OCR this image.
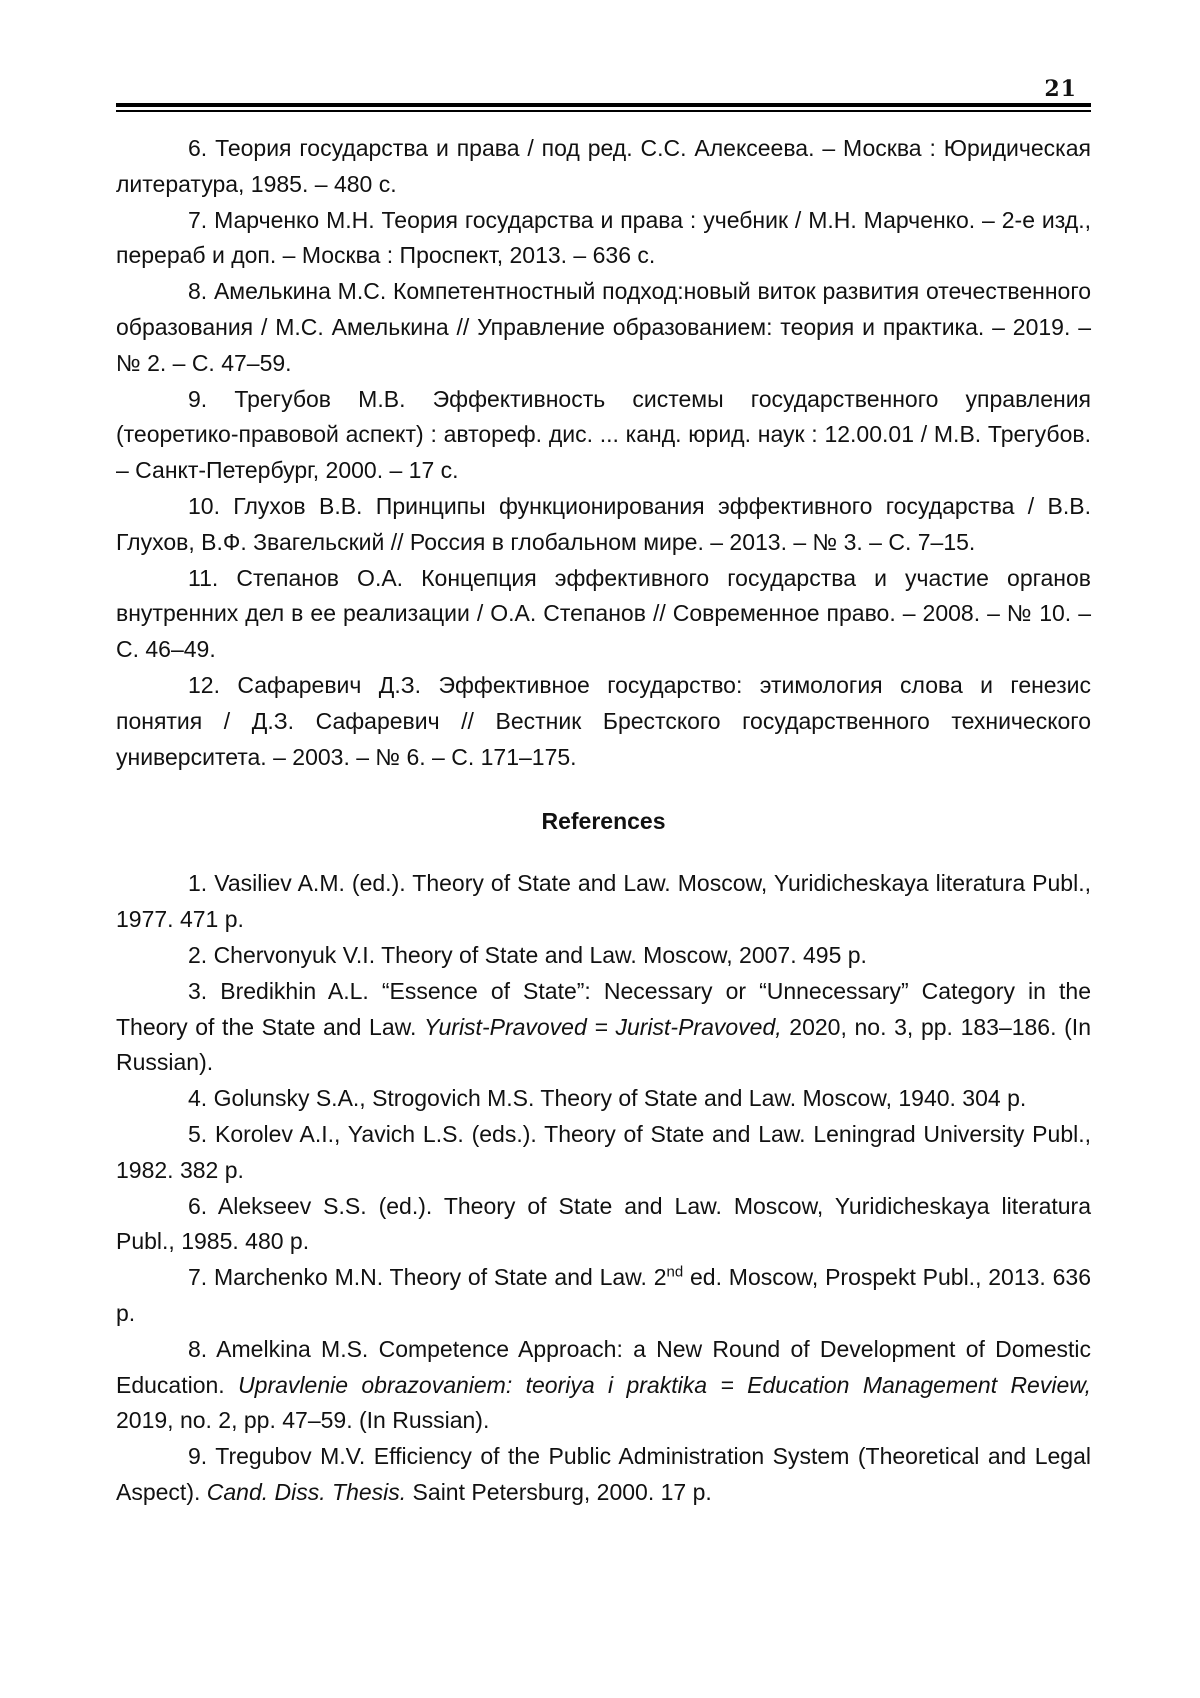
21

6. Теория государства и права / под ред. С.С. Алексеева. – Москва : Юридическая литература, 1985. – 480 с.

7. Марченко М.Н. Теория государства и права : учебник / М.Н. Марченко. – 2-е изд., перераб и доп. – Москва : Проспект, 2013. – 636 с.

8. Амелькина М.С. Компетентностный подход:новый виток развития отечественного образования / М.С. Амелькина // Управление образованием: теория и практика. – 2019. – № 2. – С. 47–59.

9. Трегубов М.В. Эффективность системы государственного управления (теоретико-правовой аспект) : автореф. дис. ... канд. юрид. наук : 12.00.01 / М.В. Трегубов. – Санкт-Петербург, 2000. – 17 с.

10. Глухов В.В. Принципы функционирования эффективного государства / В.В. Глухов, В.Ф. Звагельский // Россия в глобальном мире. – 2013. – № 3. – С. 7–15.

11. Степанов О.А. Концепция эффективного государства и участие органов внутренних дел в ее реализации / О.А. Степанов // Современное право. – 2008. – № 10. – С. 46–49.

12. Сафаревич Д.З. Эффективное государство: этимология слова и генезис понятия / Д.З. Сафаревич // Вестник Брестского государственного технического университета. – 2003. – № 6. – С. 171–175.

References

1. Vasiliev A.M. (ed.). Theory of State and Law. Moscow, Yuridicheskaya literatura Publ., 1977. 471 p.

2. Chervonyuk V.I. Theory of State and Law. Moscow, 2007. 495 p.

3. Bredikhin A.L. “Essence of State”: Necessary or “Unnecessary” Category in the Theory of the State and Law. Yurist-Pravoved = Jurist-Pravoved, 2020, no. 3, pp. 183–186. (In Russian).

4. Golunsky S.A., Strogovich M.S. Theory of State and Law. Moscow, 1940. 304 p.

5. Korolev A.I., Yavich L.S. (eds.). Theory of State and Law. Leningrad University Publ., 1982. 382 p.

6. Alekseev S.S. (ed.). Theory of State and Law. Moscow, Yuridicheskaya literatura Publ., 1985. 480 p.

7. Marchenko M.N. Theory of State and Law. 2nd ed. Moscow, Prospekt Publ., 2013. 636 p.

8. Amelkina M.S. Competence Approach: a New Round of Development of Domestic Education. Upravlenie obrazovaniem: teoriya i praktika = Education Management Review, 2019, no. 2, pp. 47–59. (In Russian).

9. Tregubov M.V. Efficiency of the Public Administration System (Theoretical and Legal Aspect). Cand. Diss. Thesis. Saint Petersburg, 2000. 17 p.
